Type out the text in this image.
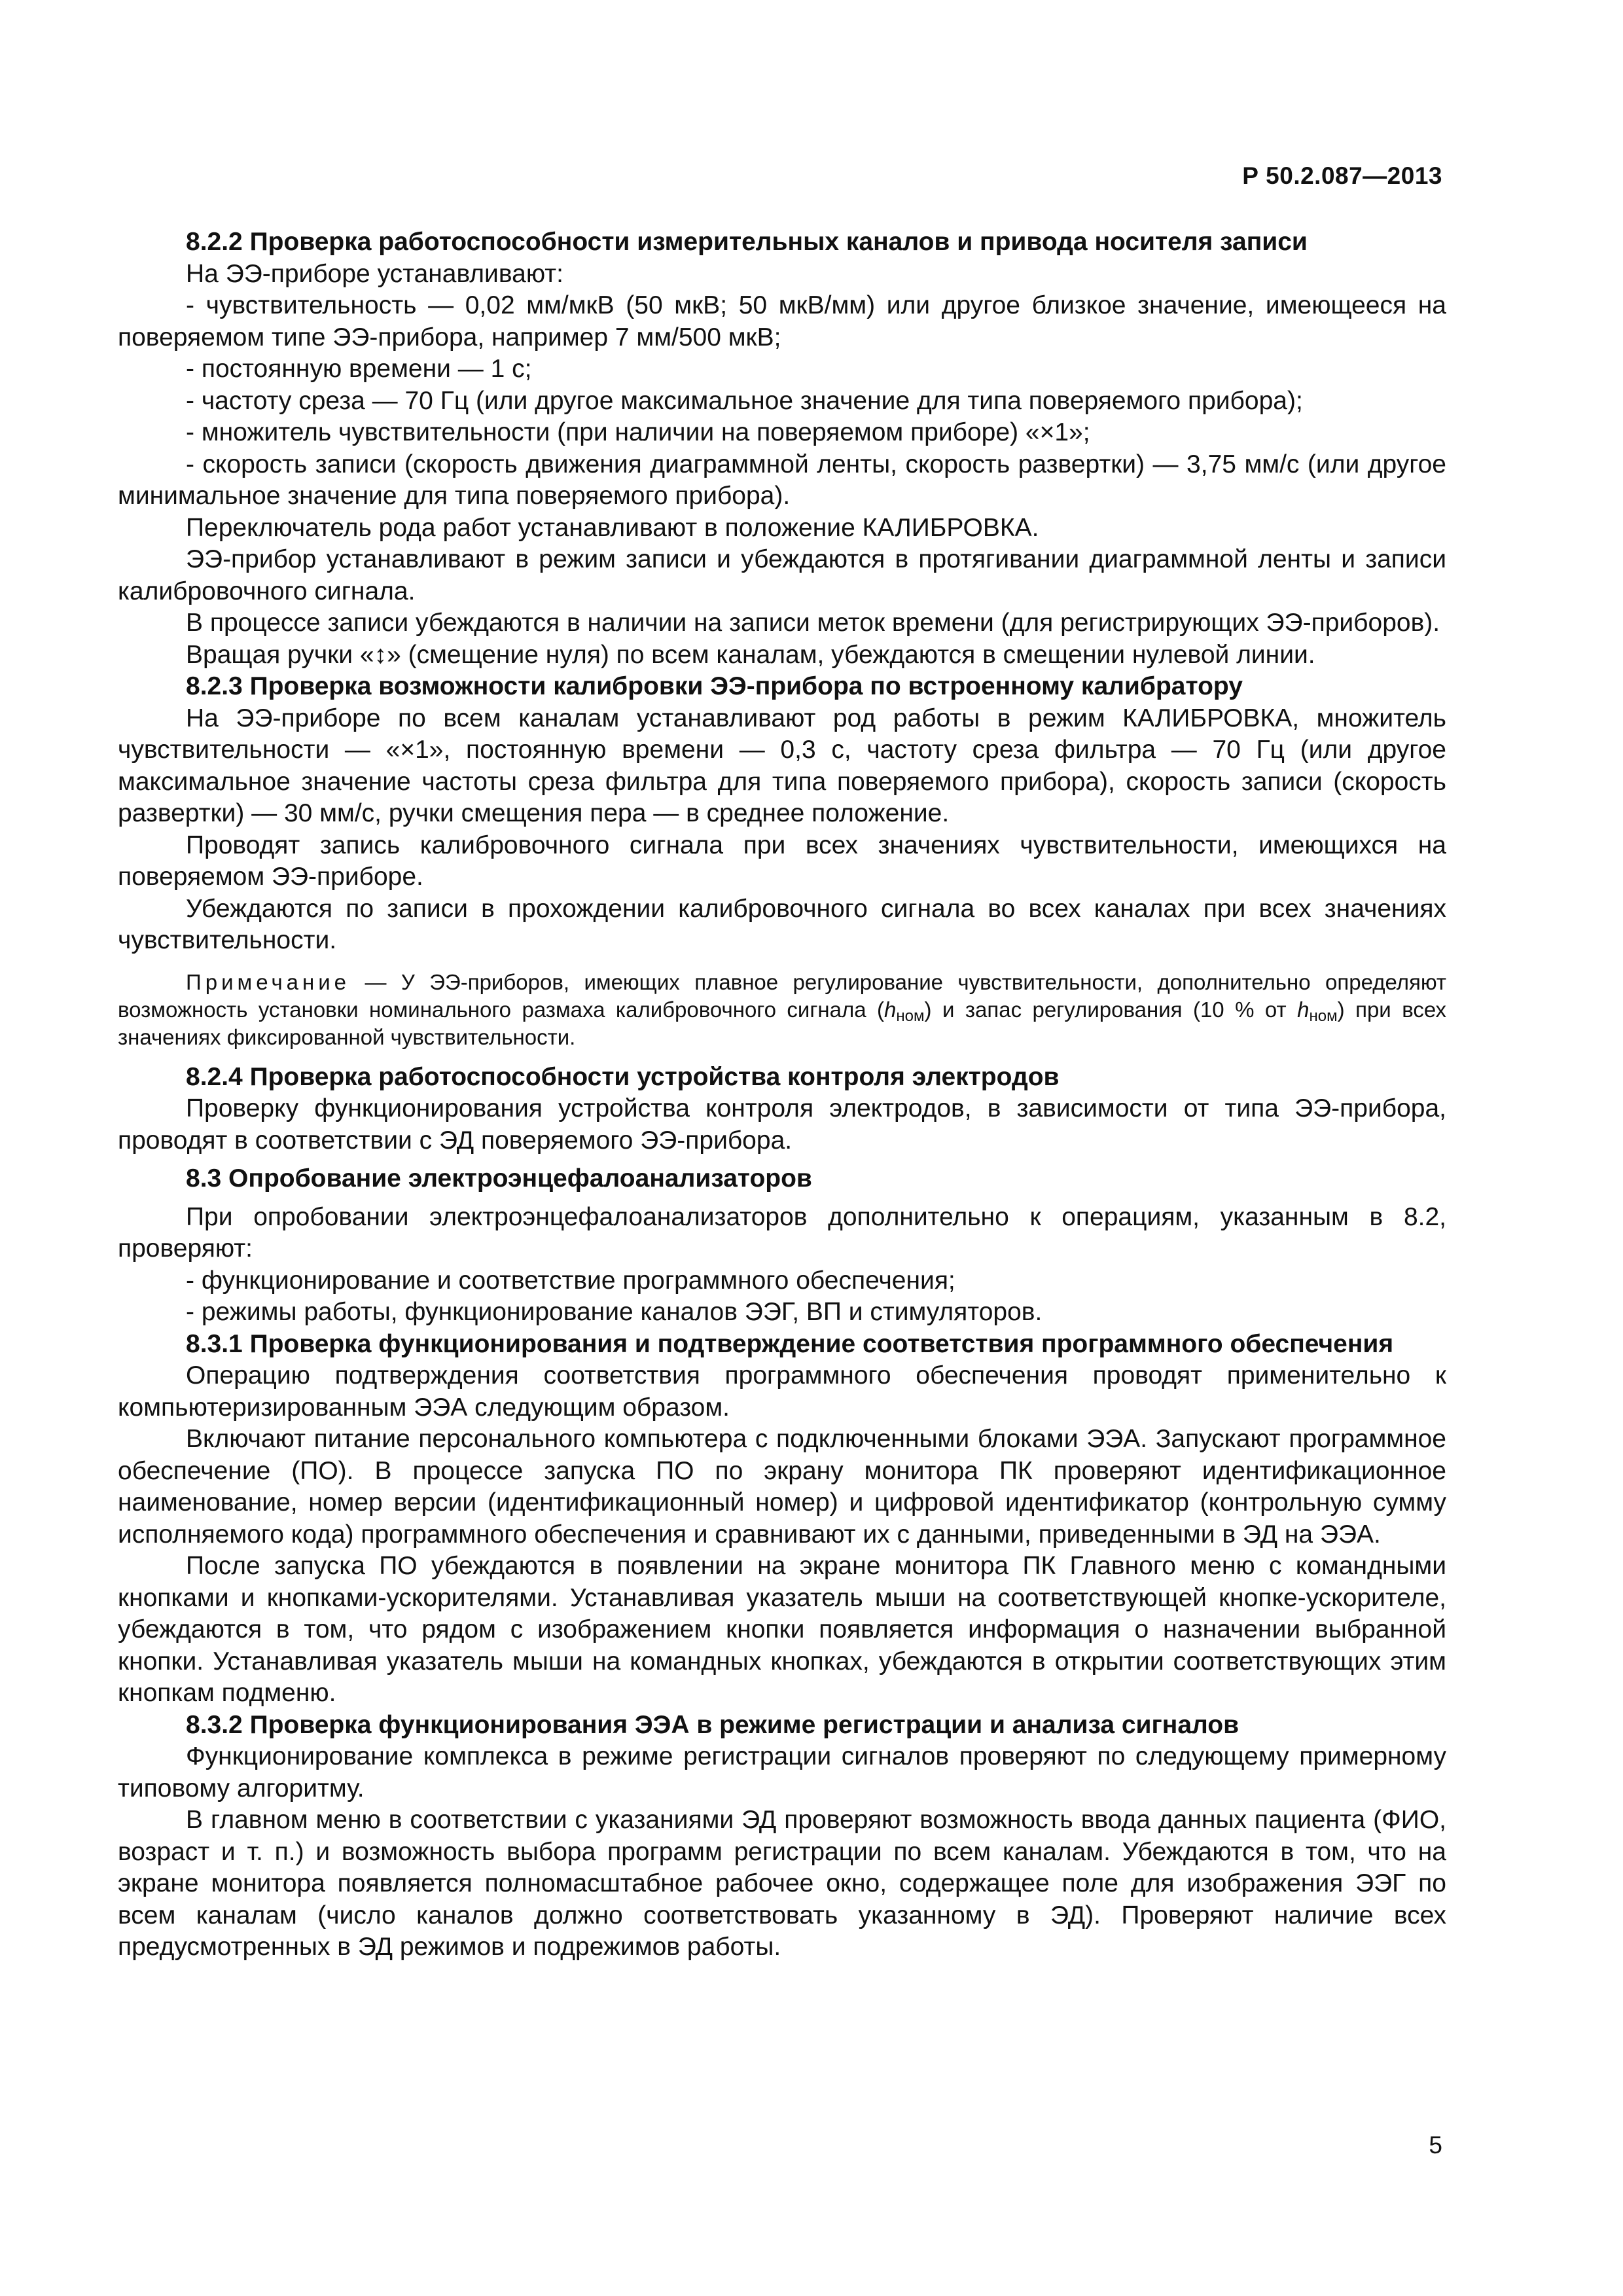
Р 50.2.087—2013

8.2.2 Проверка работоспособности измерительных каналов и привода носителя записи

На ЭЭ-приборе устанавливают:

- чувствительность — 0,02 мм/мкВ (50 мкВ; 50 мкВ/мм) или другое близкое значение, имеющееся на поверяемом типе ЭЭ-прибора, например 7 мм/500 мкВ;

- постоянную времени — 1 с;

- частоту среза — 70 Гц (или другое максимальное значение для типа поверяемого прибора);

- множитель чувствительности (при наличии на поверяемом приборе) «×1»;

- скорость записи (скорость движения диаграммной ленты, скорость развертки) — 3,75 мм/с (или другое минимальное значение для типа поверяемого прибора).

Переключатель рода работ устанавливают в положение КАЛИБРОВКА.

ЭЭ-прибор устанавливают в режим записи и убеждаются в протягивании диаграммной ленты и записи калибровочного сигнала.

В процессе записи убеждаются в наличии на записи меток времени (для регистрирующих ЭЭ-приборов).

Вращая ручки «↕» (смещение нуля) по всем каналам, убеждаются в смещении нулевой линии.

8.2.3 Проверка возможности калибровки ЭЭ-прибора по встроенному калибратору

На ЭЭ-приборе по всем каналам устанавливают род работы в режим КАЛИБРОВКА, множитель чувствительности — «×1», постоянную времени — 0,3 с, частоту среза фильтра — 70 Гц (или другое максимальное значение частоты среза фильтра для типа поверяемого прибора), скорость записи (скорость развертки) — 30 мм/с, ручки смещения пера — в среднее положение.

Проводят запись калибровочного сигнала при всех значениях чувствительности, имеющихся на поверяемом ЭЭ-приборе.

Убеждаются по записи в прохождении калибровочного сигнала во всех каналах при всех значениях чувствительности.

Примечание — У ЭЭ-приборов, имеющих плавное регулирование чувствительности, дополнительно определяют возможность установки номинального размаха калибровочного сигнала $(h_{ном})$ и запас регулирования (10 % от $h_{ном}$) при всех значениях фиксированной чувствительности.

8.2.4 Проверка работоспособности устройства контроля электродов

Проверку функционирования устройства контроля электродов, в зависимости от типа ЭЭ-прибора, проводят в соответствии с ЭД поверяемого ЭЭ-прибора.

8.3 Опробование электроэнцефалоанализаторов

При опробовании электроэнцефалоанализаторов дополнительно к операциям, указанным в 8.2, проверяют:

- функционирование и соответствие программного обеспечения;

- режимы работы, функционирование каналов ЭЭГ, ВП и стимуляторов.

8.3.1 Проверка функционирования и подтверждение соответствия программного обеспечения

Операцию подтверждения соответствия программного обеспечения проводят применительно к компьютеризированным ЭЭА следующим образом.

Включают питание персонального компьютера с подключенными блоками ЭЭА. Запускают программное обеспечение (ПО). В процессе запуска ПО по экрану монитора ПК проверяют идентификационное наименование, номер версии (идентификационный номер) и цифровой идентификатор (контрольную сумму исполняемого кода) программного обеспечения и сравнивают их с данными, приведенными в ЭД на ЭЭА.

После запуска ПО убеждаются в появлении на экране монитора ПК Главного меню с командными кнопками и кнопками-ускорителями. Устанавливая указатель мыши на соответствующей кнопке-ускорителе, убеждаются в том, что рядом с изображением кнопки появляется информация о назначении выбранной кнопки. Устанавливая указатель мыши на командных кнопках, убеждаются в открытии соответствующих этим кнопкам подменю.

8.3.2 Проверка функционирования ЭЭА в режиме регистрации и анализа сигналов

Функционирование комплекса в режиме регистрации сигналов проверяют по следующему примерному типовому алгоритму.

В главном меню в соответствии с указаниями ЭД проверяют возможность ввода данных пациента (ФИО, возраст и т. п.) и возможность выбора программ регистрации по всем каналам. Убеждаются в том, что на экране монитора появляется полномасштабное рабочее окно, содержащее поле для изображения ЭЭГ по всем каналам (число каналов должно соответствовать указанному в ЭД). Проверяют наличие всех предусмотренных в ЭД режимов и подрежимов работы.

5
